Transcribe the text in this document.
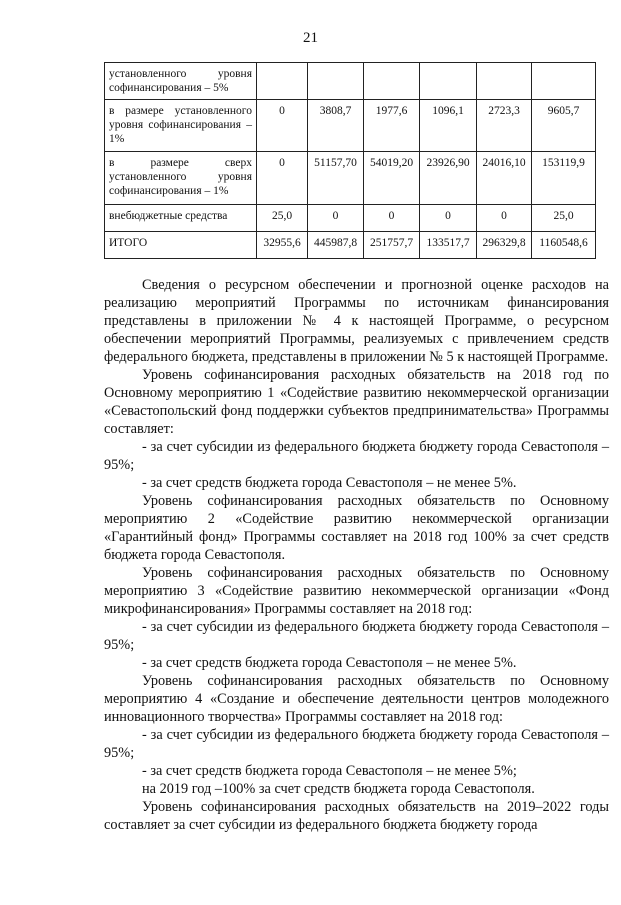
21
установленного уровня софинансирования – 5%						
в размере установленного уровня софинансирования – 1%	0	3808,7	1977,6	1096,1	2723,3	9605,7
в размере сверх установленного уровня софинансирования – 1%	0	51157,70	54019,20	23926,90	24016,10	153119,9
внебюджетные средства	25,0	0	0	0	0	25,0
ИТОГО	32955,6	445987,8	251757,7	133517,7	296329,8	1160548,6

Сведения о ресурсном обеспечении и прогнозной оценке расходов на реализацию мероприятий Программы по источникам финансирования представлены в приложении № 4 к настоящей Программе, о ресурсном обеспечении мероприятий Программы, реализуемых с привлечением средств федерального бюджета, представлены в приложении № 5 к настоящей Программе.

Уровень софинансирования расходных обязательств на 2018 год по Основному мероприятию 1 «Содействие развитию некоммерческой организации «Севастопольский фонд поддержки субъектов предпринимательства» Программы составляет:

- за счет субсидии из федерального бюджета бюджету города Севастополя – 95%;

- за счет средств бюджета города Севастополя – не менее 5%.

Уровень софинансирования расходных обязательств по Основному мероприятию 2 «Содействие развитию некоммерческой организации «Гарантийный фонд» Программы составляет на 2018 год 100% за счет средств бюджета города Севастополя.

Уровень софинансирования расходных обязательств по Основному мероприятию 3 «Содействие развитию некоммерческой организации «Фонд микрофинансирования» Программы составляет на 2018 год:

- за счет субсидии из федерального бюджета бюджету города Севастополя – 95%;

- за счет средств бюджета города Севастополя – не менее 5%.

Уровень софинансирования расходных обязательств по Основному мероприятию 4 «Создание и обеспечение деятельности центров молодежного инновационного творчества» Программы составляет на 2018 год:

- за счет субсидии из федерального бюджета бюджету города Севастополя – 95%;

- за счет средств бюджета города Севастополя – не менее 5%;

на 2019 год –100% за счет средств бюджета города Севастополя.

Уровень софинансирования расходных обязательств на 2019–2022 годы составляет за счет субсидии из федерального бюджета бюджету города
